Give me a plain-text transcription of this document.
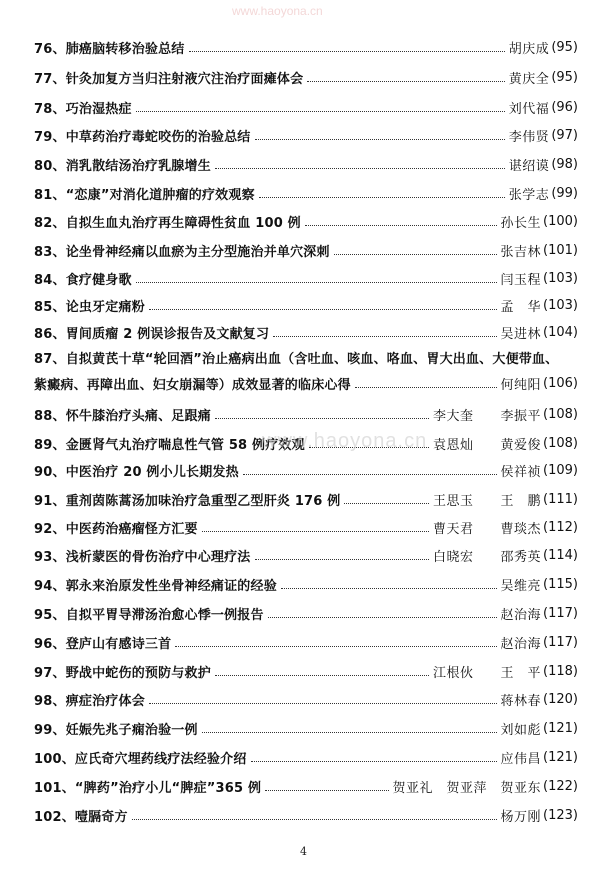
76、肺癌脑转移治验总结	胡庆成 (95)
77、针灸加复方当归注射液穴注治疗面瘫体会	黄庆全 (95)
78、巧治湿热症	刘代福 (96)
79、中草药治疗毒蛇咬伤的治验总结	李伟贤 (97)
80、消乳散结汤治疗乳腺增生	谌绍谟 (98)
81、“恋康”对消化道肿瘤的疗效观察	张学志 (99)
82、自拟生血丸治疗再生障碍性贫血 100 例	孙长生 (100)
83、论坐骨神经痛以血瘀为主分型施治并单穴深刺	张吉林 (101)
84、食疗健身歌	闫玉程 (103)
85、论虫牙定痛粉	孟　华 (103)
86、胃间质瘤 2 例误诊报告及文献复习	吴进林 (104)
87、自拟黄芪十草“轮回酒”治止癌病出血（含吐血、咳血、咯血、胃大出血、大便带血、
紫癜病、再障出血、妇女崩漏等）成效显著的临床心得	何纯阳 (106)
88、怀牛膝治疗头痛、足跟痛	李大奎　　李振平 (108)
89、金匮肾气丸治疗喘息性气管 58 例疗效观	袁恩灿　　黄爱俊 (108)
90、中医治疗 20 例小儿长期发热	侯祥祯 (109)
91、重剂茵陈蒿汤加味治疗急重型乙型肝炎 176 例	王思玉　　王　鹏 (111)
92、中医药治癌瘤怪方汇要	曹天君　　曹琰杰 (112)
93、浅析蒙医的骨伤治疗中心理疗法	白晓宏　　邵秀英 (114)
94、郭永来治原发性坐骨神经痛证的经验	吴维亮 (115)
95、自拟平胃导滞汤治愈心悸一例报告	赵治海 (117)
96、登庐山有感诗三首	赵治海 (117)
97、野战中蛇伤的预防与救护	江根伙　　王　平 (118)
98、痹症治疗体会	蒋林春 (120)
99、妊娠先兆子痫治验一例	刘如彪 (121)
100、应氏奇穴埋药线疗法经验介绍	应伟昌 (121)
101、“脾药”治疗小儿“脾症”365 例	贺亚礼　贺亚萍　贺亚东 (122)
102、噎膈奇方	杨万刚 (123)
www.haoyona.cn
www.haoyona.cn
4
